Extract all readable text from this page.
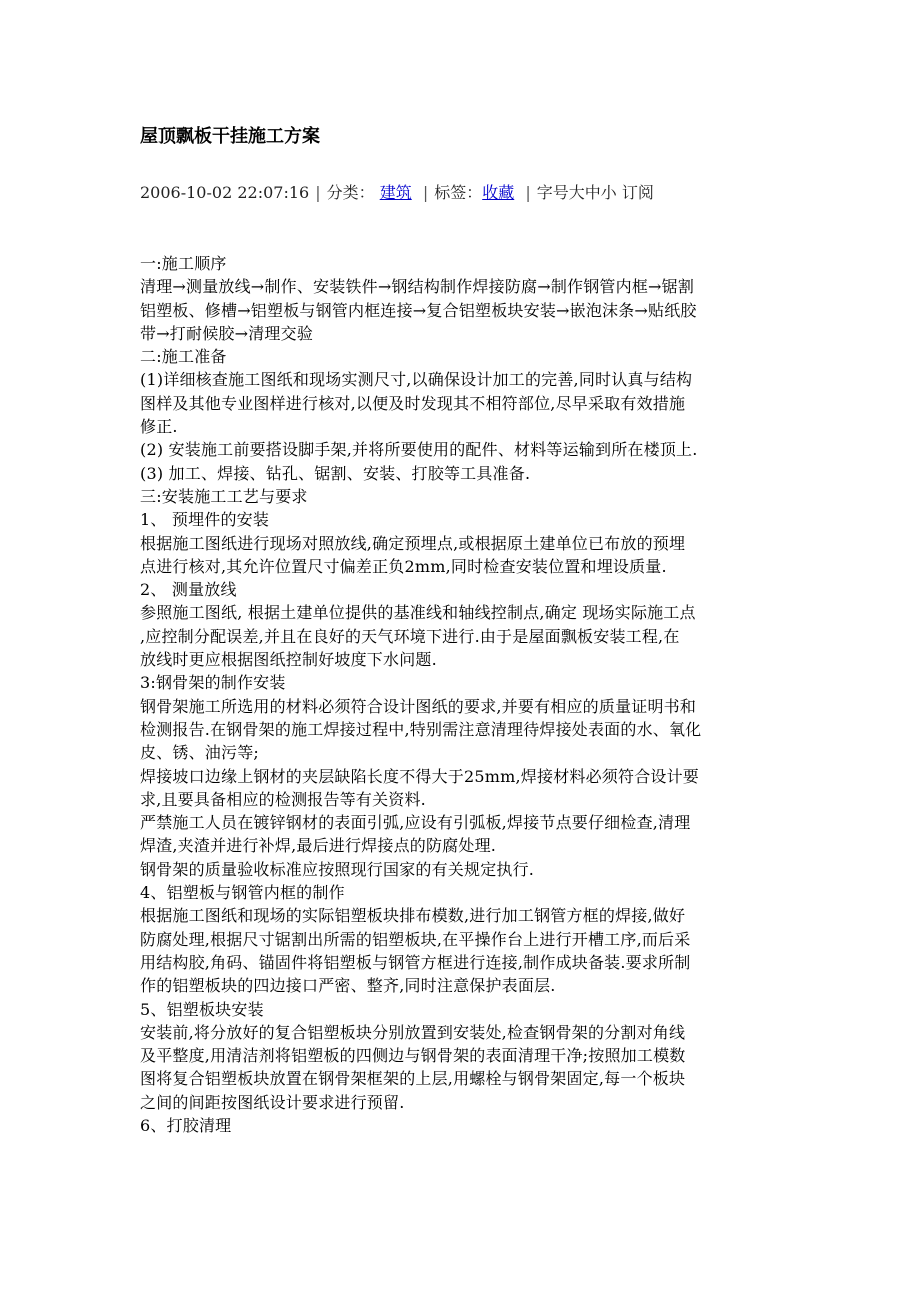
屋顶飘板干挂施工方案
2006-10-02 22:07:16 | 分类： 建筑 | 标签：收藏 | 字号大中小 订阅

一:施工顺序

清理→测量放线→制作、安装铁件→钢结构制作焊接防腐→制作钢管内框→锯割

铝塑板、修槽→铝塑板与钢管内框连接→复合铝塑板块安装→嵌泡沫条→贴纸胶

带→打耐候胶→清理交验

二:施工准备

(1)详细核查施工图纸和现场实测尺寸,以确保设计加工的完善,同时认真与结构

图样及其他专业图样进行核对,以便及时发现其不相符部位,尽早采取有效措施

修正.

(2) 安装施工前要搭设脚手架,并将所要使用的配件、材料等运输到所在楼顶上.

(3) 加工、焊接、钻孔、锯割、安装、打胶等工具准备.

三:安装施工工艺与要求

1、 预埋件的安装

根据施工图纸进行现场对照放线,确定预埋点,或根据原土建单位已布放的预埋

点进行核对,其允许位置尺寸偏差正负2mm,同时检查安装位置和埋设质量.

2、 测量放线

参照施工图纸, 根据土建单位提供的基准线和轴线控制点,确定 现场实际施工点

,应控制分配误差,并且在良好的天气环境下进行.由于是屋面飘板安装工程,在

放线时更应根据图纸控制好坡度下水问题.

3:钢骨架的制作安装

钢骨架施工所选用的材料必须符合设计图纸的要求,并要有相应的质量证明书和

检测报告.在钢骨架的施工焊接过程中,特别需注意清理待焊接处表面的水、氧化

皮、锈、油污等;

焊接坡口边缘上钢材的夹层缺陷长度不得大于25mm,焊接材料必须符合设计要

求,且要具备相应的检测报告等有关资料.

严禁施工人员在镀锌钢材的表面引弧,应设有引弧板,焊接节点要仔细检查,清理

焊渣,夹渣并进行补焊,最后进行焊接点的防腐处理.

钢骨架的质量验收标准应按照现行国家的有关规定执行.

4、铝塑板与钢管内框的制作

根据施工图纸和现场的实际铝塑板块排布模数,进行加工钢管方框的焊接,做好

防腐处理,根据尺寸锯割出所需的铝塑板块,在平操作台上进行开槽工序,而后采

用结构胶,角码、锚固件将铝塑板与钢管方框进行连接,制作成块备装.要求所制

作的铝塑板块的四边接口严密、整齐,同时注意保护表面层.

5、铝塑板块安装

安装前,将分放好的复合铝塑板块分别放置到安装处,检查钢骨架的分割对角线

及平整度,用清洁剂将铝塑板的四侧边与钢骨架的表面清理干净;按照加工模数

图将复合铝塑板块放置在钢骨架框架的上层,用螺栓与钢骨架固定,每一个板块

之间的间距按图纸设计要求进行预留.

6、打胶清理
